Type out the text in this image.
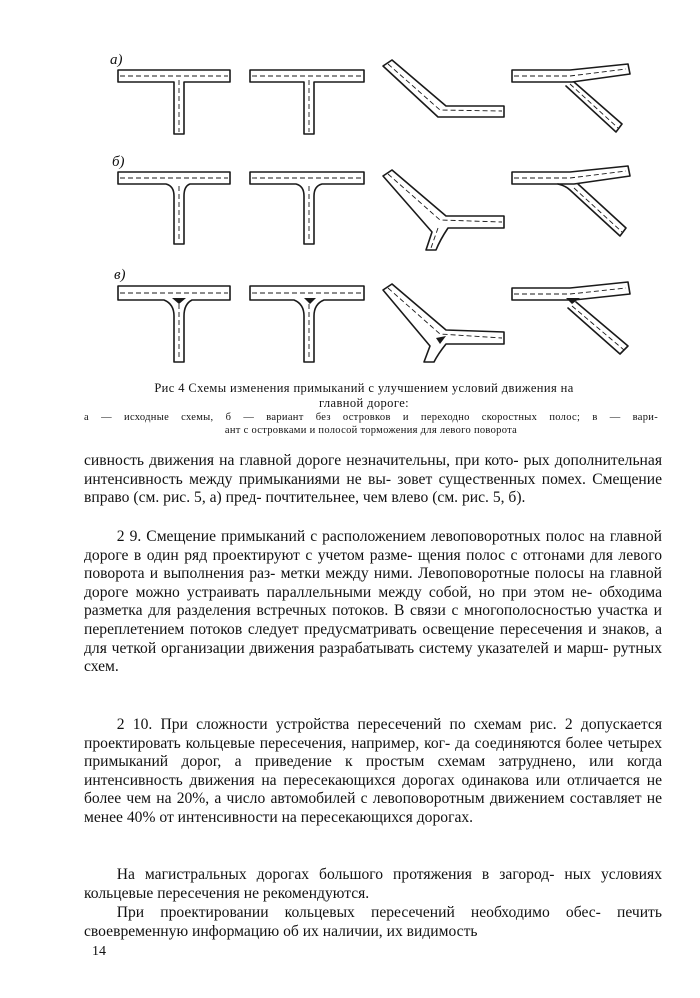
а)
б)
в)
Рис 4 Схемы изменения примыканий с улучшением условий движения на
главной дороге:
а — исходные схемы, б — вариант без островков и переходно скоростных полос; в — вари-
ант с островками и полосой торможения для левого поворота

сивность движения на главной дороге незначительны, при кото- рых дополнительная интенсивность между примыканиями не вы- зовет существенных помех. Смещение вправо (см. рис. 5, а) пред- почтительнее, чем влево (см. рис. 5, б).

2 9. Смещение примыканий с расположением левоповоротных полос на главной дороге в один ряд проектируют с учетом разме- щения полос с отгонами для левого поворота и выполнения раз- метки между ними. Левоповоротные полосы на главной дороге можно устраивать параллельными между собой, но при этом не- обходима разметка для разделения встречных потоков. В связи с многополосностью участка и переплетением потоков следует предусматривать освещение пересечения и знаков, а для четкой организации движения разрабатывать систему указателей и марш- рутных схем.

2 10. При сложности устройства пересечений по схемам рис. 2 допускается проектировать кольцевые пересечения, например, ког- да соединяются более четырех примыканий дорог, а приведение к простым схемам затруднено, или когда интенсивность движения на пересекающихся дорогах одинакова или отличается не более чем на 20%, а число автомобилей с левоповоротным движением составляет не менее 40% от интенсивности на пересекающихся дорогах.

На магистральных дорогах большого протяжения в загород- ных условиях кольцевые пересечения не рекомендуются.

При проектировании кольцевых пересечений необходимо обес- печить своевременную информацию об их наличии, их видимость

14
